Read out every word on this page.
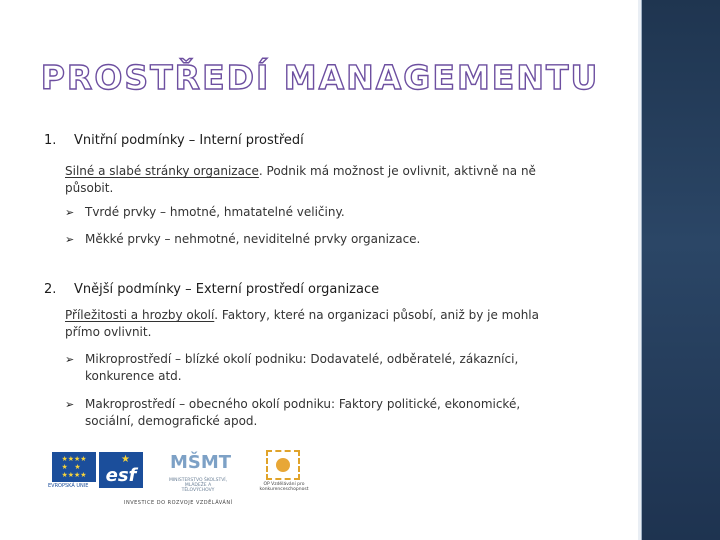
PROSTŘEDÍ MANAGEMENTU
1. Vnitřní podmínky – Interní prostředí
Silné a slabé stránky organizace. Podnik má možnost je ovlivnit, aktivně na ně
působit.
➢ Tvrdé prvky – hmotné, hmatatelné veličiny.
➢ Měkké prvky – nehmotné, neviditelné prvky organizace.
2. Vnější podmínky – Externí prostředí organizace
Příležitosti a hrozby okolí. Faktory, které na organizaci působí, aniž by je mohla
přímo ovlivnit.
➢ Mikroprostředí – blízké okolí podniku: Dodavatelé, odběratelé, zákazníci,
konkurence atd.
➢ Makroprostředí – obecného okolí podniku: Faktory politické, ekonomické,
sociální, demografické apod.
★★★★
★   ★
★★★★
EVROPSKÁ UNIE
★
esf
MŠMT
MINISTERSTVO ŠKOLSTVÍ, MLÁDEŽE A TĚLOVÝCHOVY
OP Vzdělávání pro konkurenceschopnost
INVESTICE DO ROZVOJE VZDĚLÁVÁNÍ
